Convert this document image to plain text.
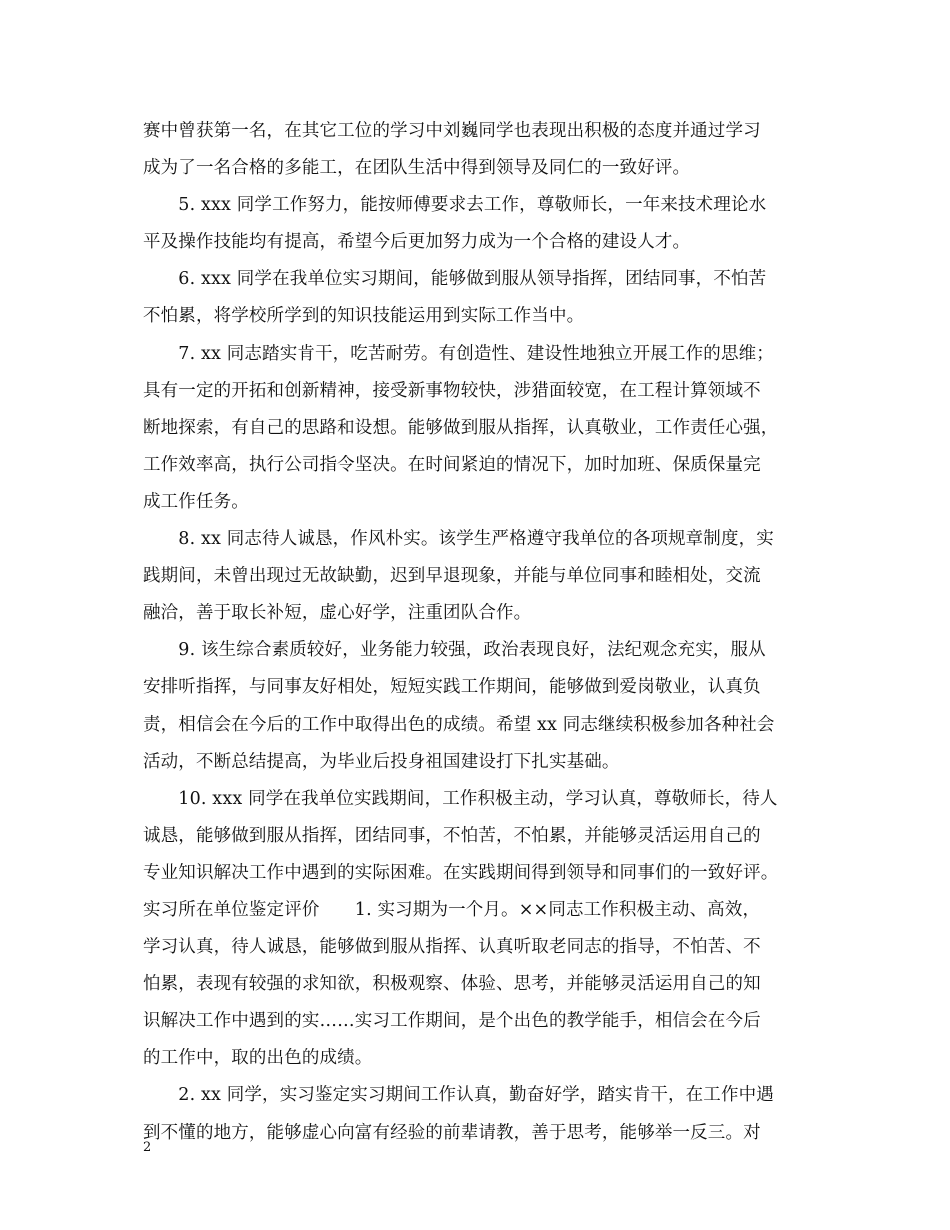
赛中曾获第一名，在其它工位的学习中刘巍同学也表现出积极的态度并通过学习
成为了一名合格的多能工，在团队生活中得到领导及同仁的一致好评。
　　5. xxx 同学工作努力，能按师傅要求去工作，尊敬师长，一年来技术理论水
平及操作技能均有提高，希望今后更加努力成为一个合格的建设人才。
　　6. xxx 同学在我单位实习期间，能够做到服从领导指挥，团结同事，不怕苦
不怕累，将学校所学到的知识技能运用到实际工作当中。
　　7. xx 同志踏实肯干，吃苦耐劳。有创造性、建设性地独立开展工作的思维；
具有一定的开拓和创新精神，接受新事物较快，涉猎面较宽，在工程计算领域不
断地探索，有自己的思路和设想。能够做到服从指挥，认真敬业，工作责任心强，
工作效率高，执行公司指令坚决。在时间紧迫的情况下，加时加班、保质保量完
成工作任务。
　　8. xx 同志待人诚恳，作风朴实。该学生严格遵守我单位的各项规章制度，实
践期间，未曾出现过无故缺勤，迟到早退现象，并能与单位同事和睦相处，交流
融洽，善于取长补短，虚心好学，注重团队合作。
　　9. 该生综合素质较好，业务能力较强，政治表现良好，法纪观念充实，服从
安排听指挥，与同事友好相处，短短实践工作期间，能够做到爱岗敬业，认真负
责，相信会在今后的工作中取得出色的成绩。希望 xx 同志继续积极参加各种社会
活动，不断总结提高，为毕业后投身祖国建设打下扎实基础。
　　10. xxx 同学在我单位实践期间，工作积极主动，学习认真，尊敬师长，待人
诚恳，能够做到服从指挥，团结同事，不怕苦，不怕累，并能够灵活运用自己的
专业知识解决工作中遇到的实际困难。在实践期间得到领导和同事们的一致好评。
实习所在单位鉴定评价　　1. 实习期为一个月。××同志工作积极主动、高效，
学习认真，待人诚恳，能够做到服从指挥、认真听取老同志的指导，不怕苦、不
怕累，表现有较强的求知欲，积极观察、体验、思考，并能够灵活运用自己的知
识解决工作中遇到的实……实习工作期间，是个出色的教学能手，相信会在今后
的工作中，取的出色的成绩。
　　2. xx 同学，实习鉴定实习期间工作认真，勤奋好学，踏实肯干，在工作中遇
到不懂的地方，能够虚心向富有经验的前辈请教，善于思考，能够举一反三。对
2
